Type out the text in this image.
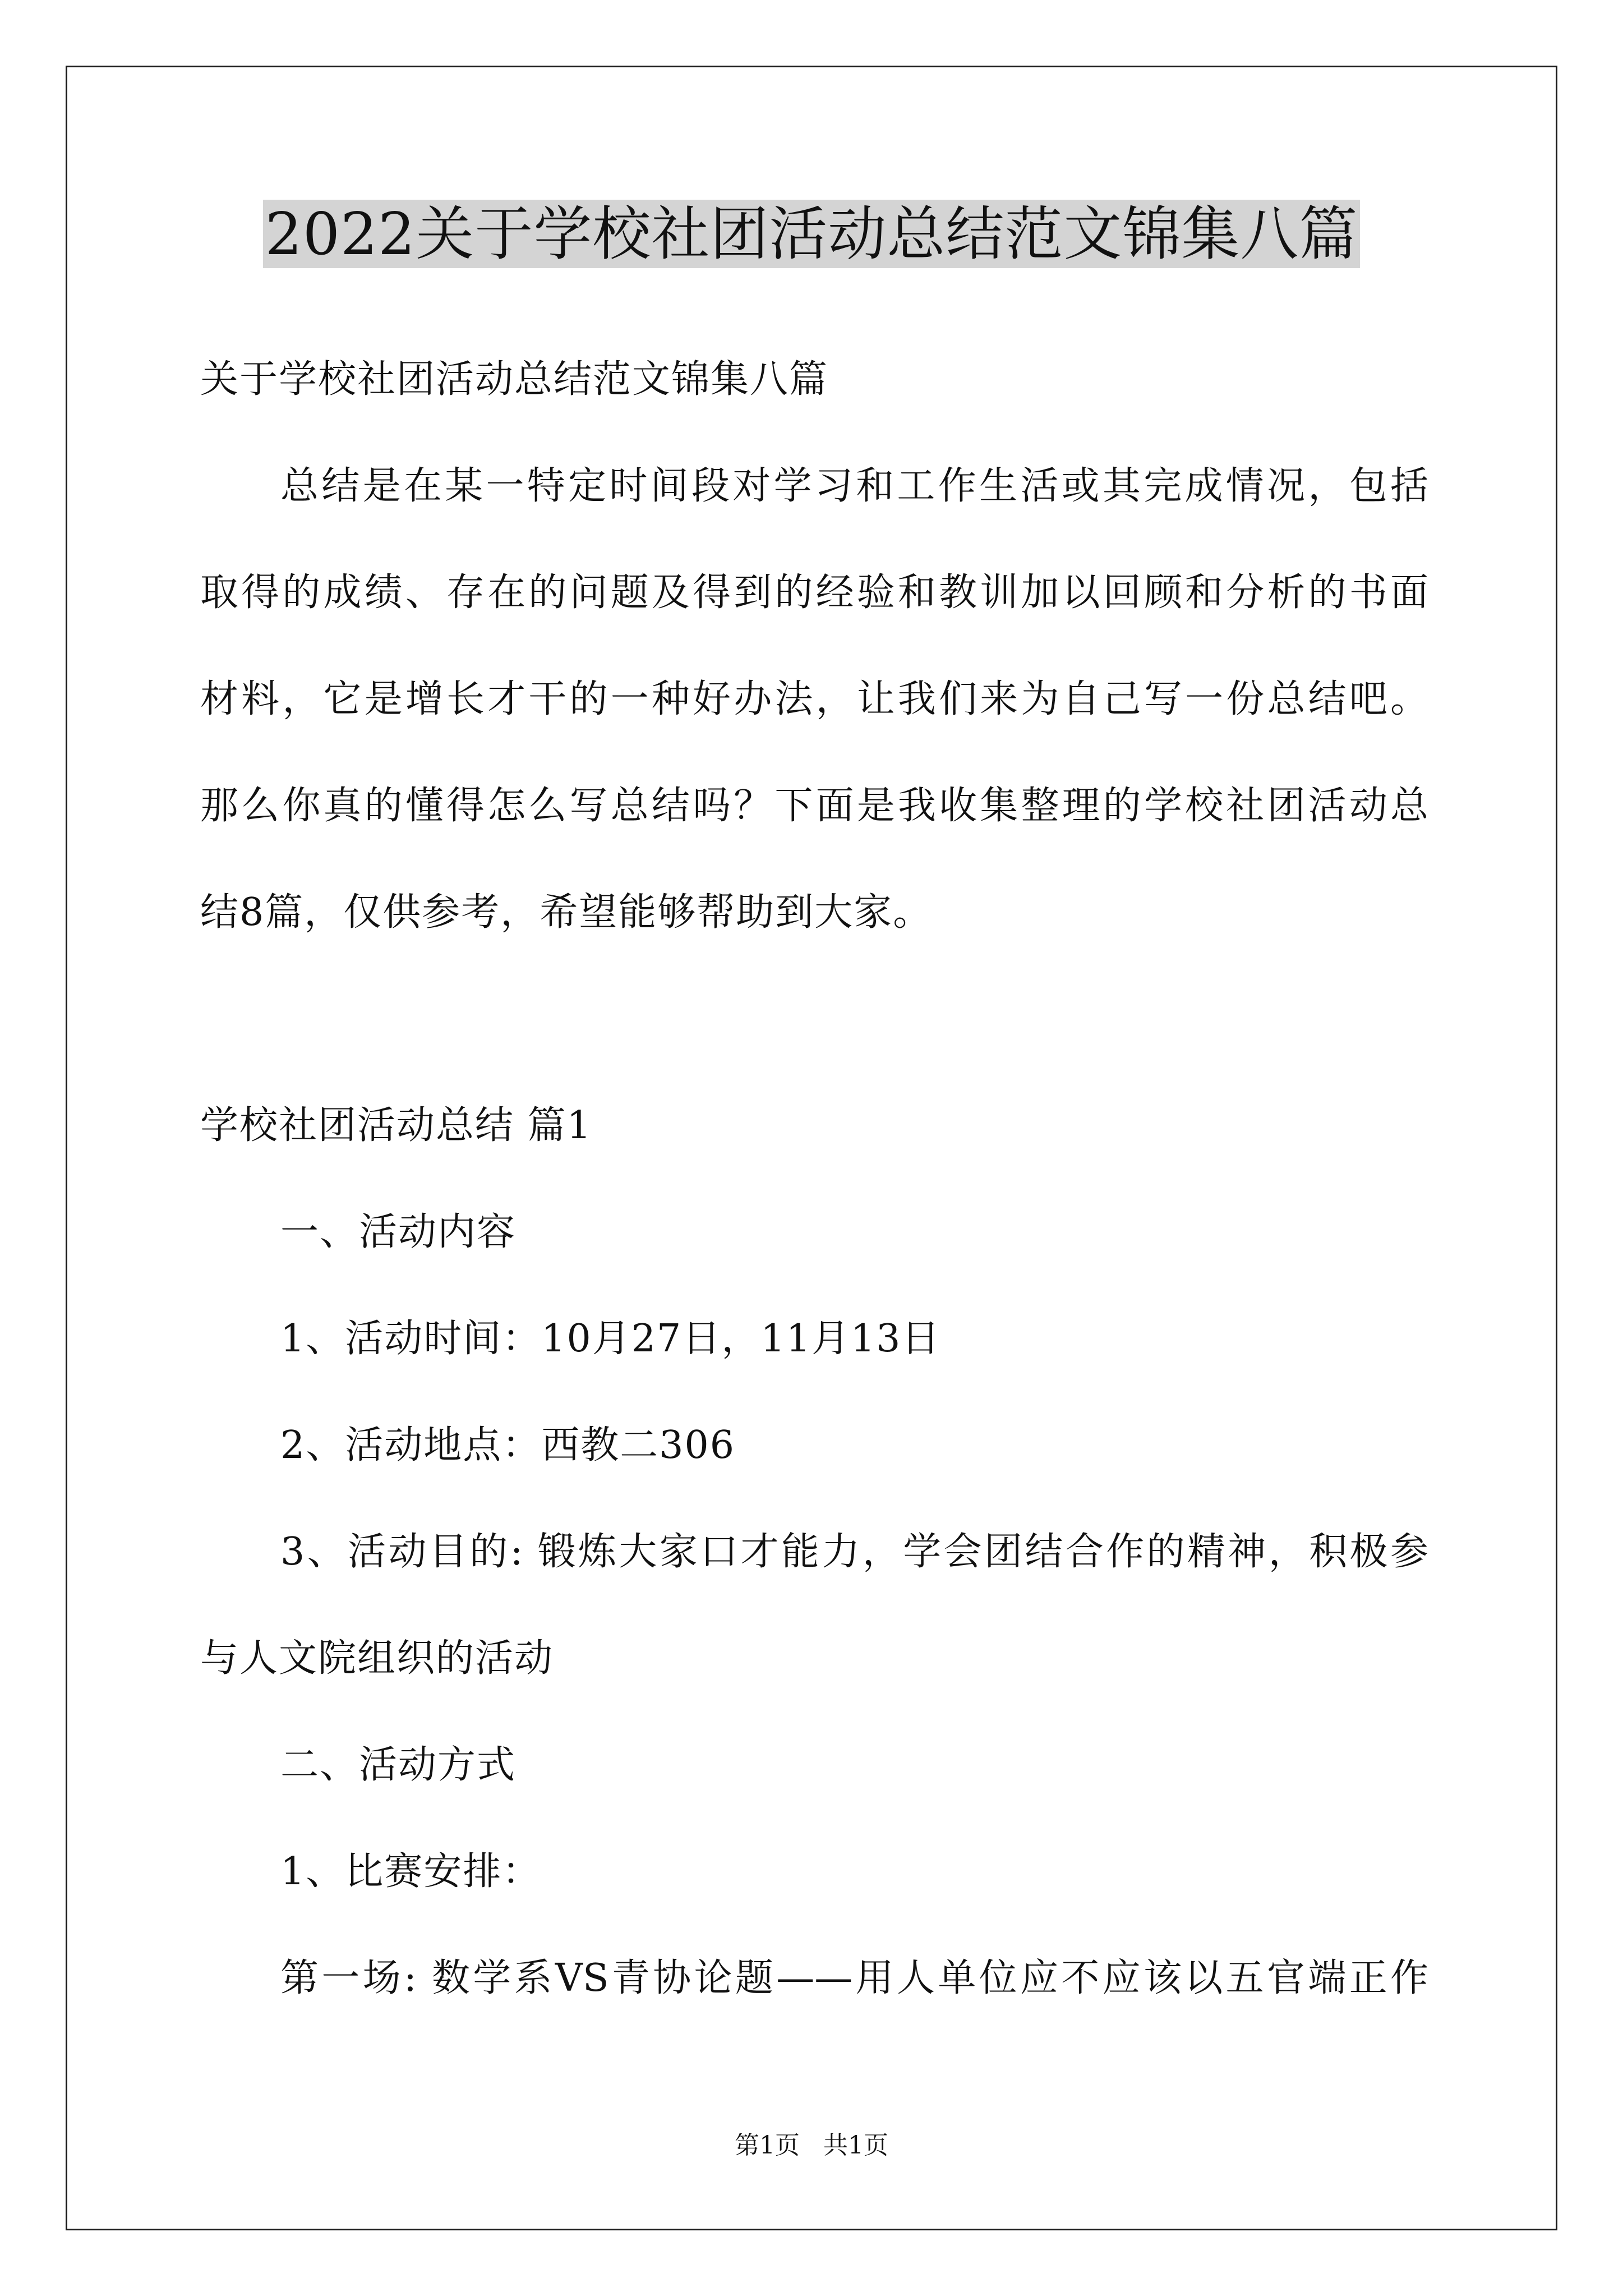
2022关于学校社团活动总结范文锦集八篇
关于学校社团活动总结范文锦集八篇
总结是在某一特定时间段对学习和工作生活或其完成情况，包括
取得的成绩、存在的问题及得到的经验和教训加以回顾和分析的书面
材料，它是增长才干的一种好办法，让我们来为自己写一份总结吧。
那么你真的懂得怎么写总结吗？下面是我收集整理的学校社团活动总
结8篇，仅供参考，希望能够帮助到大家。
学校社团活动总结 篇1
一、活动内容
1、活动时间：10月27日，11月13日
2、活动地点：西教二306
3、活动目的: 锻炼大家口才能力，学会团结合作的精神，积极参
与人文院组织的活动
二、活动方式
1、比赛安排：
第一场: 数学系VS青协论题——用人单位应不应该以五官端正作
第1页   共1页
